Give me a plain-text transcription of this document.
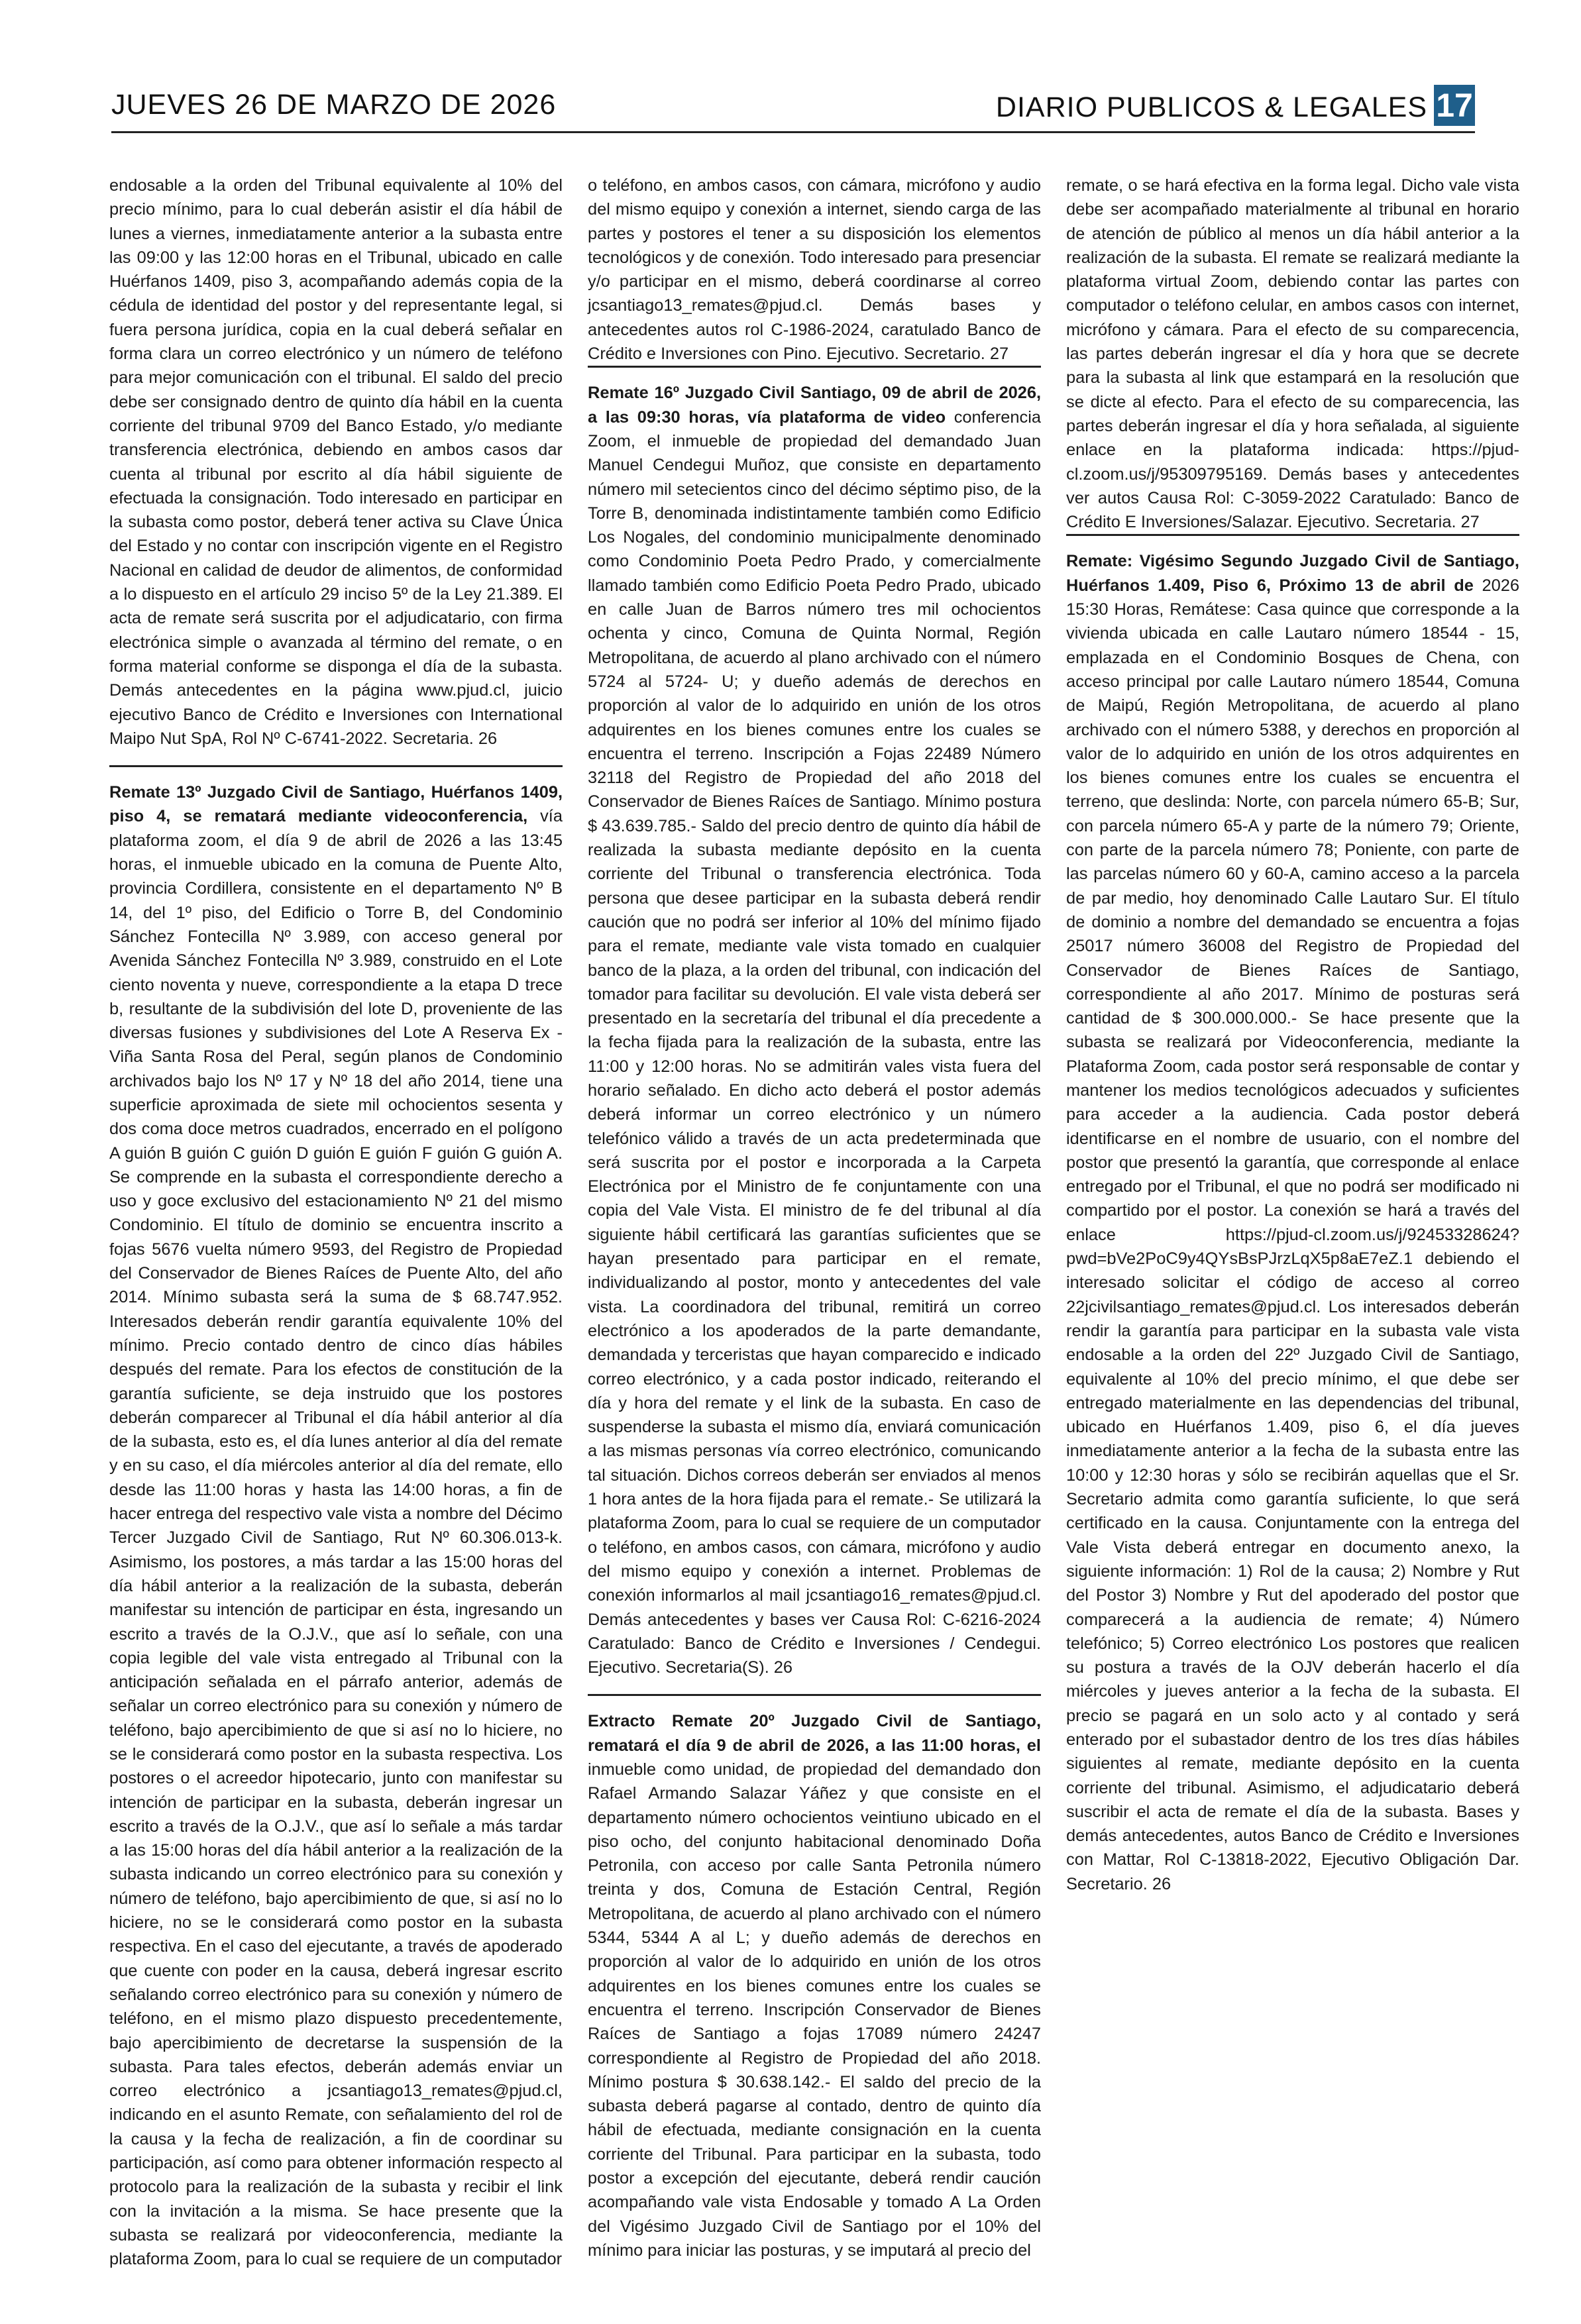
JUEVES 26 DE MARZO DE 2026	DIARIO PUBLICOS & LEGALES 17

endosable a la orden del Tribunal equivalente al 10% del precio mínimo, para lo cual deberán asistir el día hábil de lunes a viernes, inmediatamente anterior a la subasta entre las 09:00 y las 12:00 horas en el Tribunal, ubicado en calle Huérfanos 1409, piso 3, acompañando además copia de la cédula de identidad del postor y del representante legal, si fuera persona jurídica, copia en la cual deberá señalar en forma clara un correo electrónico y un número de teléfono para mejor comunicación con el tribunal. El saldo del precio debe ser consignado dentro de quinto día hábil en la cuenta corriente del tribunal 9709 del Banco Estado, y/o mediante transferencia electrónica, debiendo en ambos casos dar cuenta al tribunal por escrito al día hábil siguiente de efectuada la consignación. Todo interesado en participar en la subasta como postor, deberá tener activa su Clave Única del Estado y no contar con inscripción vigente en el Registro Nacional en calidad de deudor de alimentos, de conformidad a lo dispuesto en el artículo 29 inciso 5º de la Ley 21.389. El acta de remate será suscrita por el adjudicatario, con firma electrónica simple o avanzada al término del remate, o en forma material conforme se disponga el día de la subasta. Demás antecedentes en la página www.pjud.cl, juicio ejecutivo Banco de Crédito e Inversiones con International Maipo Nut SpA, Rol Nº C-6741-2022. Secretaria. 26

Remate 13º Juzgado Civil de Santiago, Huérfanos 1409, piso 4, se rematará mediante videoconferencia, vía plataforma zoom, el día 9 de abril de 2026 a las 13:45 horas, el inmueble ubicado en la comuna de Puente Alto, provincia Cordillera, consistente en el departamento Nº B 14, del 1º piso, del Edificio o Torre B, del Condominio Sánchez Fontecilla Nº 3.989, con acceso general por Avenida Sánchez Fontecilla Nº 3.989, construido en el Lote ciento noventa y nueve, correspondiente a la etapa D trece b, resultante de la subdivisión del lote D, proveniente de las diversas fusiones y subdivisiones del Lote A Reserva Ex - Viña Santa Rosa del Peral, según planos de Condominio archivados bajo los Nº 17 y Nº 18 del año 2014, tiene una superficie aproximada de siete mil ochocientos sesenta y dos coma doce metros cuadrados, encerrado en el polígono A guión B guión C guión D guión E guión F guión G guión A. Se comprende en la subasta el correspondiente derecho a uso y goce exclusivo del estacionamiento Nº 21 del mismo Condominio. El título de dominio se encuentra inscrito a fojas 5676 vuelta número 9593, del Registro de Propiedad del Conservador de Bienes Raíces de Puente Alto, del año 2014. Mínimo subasta será la suma de $ 68.747.952. Interesados deberán rendir garantía equivalente 10% del mínimo. Precio contado dentro de cinco días hábiles después del remate. Para los efectos de constitución de la garantía suficiente, se deja instruido que los postores deberán comparecer al Tribunal el día hábil anterior al día de la subasta, esto es, el día lunes anterior al día del remate y en su caso, el día miércoles anterior al día del remate, ello desde las 11:00 horas y hasta las 14:00 horas, a fin de hacer entrega del respectivo vale vista a nombre del Décimo Tercer Juzgado Civil de Santiago, Rut Nº 60.306.013-k. Asimismo, los postores, a más tardar a las 15:00 horas del día hábil anterior a la realización de la subasta, deberán manifestar su intención de participar en ésta, ingresando un escrito a través de la O.J.V., que así lo señale, con una copia legible del vale vista entregado al Tribunal con la anticipación señalada en el párrafo anterior, además de señalar un correo electrónico para su conexión y número de teléfono, bajo apercibimiento de que si así no lo hiciere, no se le considerará como postor en la subasta respectiva. Los postores o el acreedor hipotecario, junto con manifestar su intención de participar en la subasta, deberán ingresar un escrito a través de la O.J.V., que así lo señale a más tardar a las 15:00 horas del día hábil anterior a la realización de la subasta indicando un correo electrónico para su conexión y número de teléfono, bajo apercibimiento de que, si así no lo hiciere, no se le considerará como postor en la subasta respectiva. En el caso del ejecutante, a través de apoderado que cuente con poder en la causa, deberá ingresar escrito señalando correo electrónico para su conexión y número de teléfono, en el mismo plazo dispuesto precedentemente, bajo apercibimiento de decretarse la suspensión de la subasta. Para tales efectos, deberán además enviar un correo electrónico a jcsantiago13_remates@pjud.cl, indicando en el asunto Remate, con señalamiento del rol de la causa y la fecha de realización, a fin de coordinar su participación, así como para obtener información respecto al protocolo para la realización de la subasta y recibir el link con la invitación a la misma. Se hace presente que la subasta se realizará por videoconferencia, mediante la plataforma Zoom, para lo cual se requiere de un computador

o teléfono, en ambos casos, con cámara, micrófono y audio del mismo equipo y conexión a internet, siendo carga de las partes y postores el tener a su disposición los elementos tecnológicos y de conexión. Todo interesado para presenciar y/o participar en el mismo, deberá coordinarse al correo jcsantiago13_remates@pjud.cl. Demás bases y antecedentes autos rol C-1986-2024, caratulado Banco de Crédito e Inversiones con Pino. Ejecutivo. Secretario. 27

Remate 16º Juzgado Civil Santiago, 09 de abril de 2026, a las 09:30 horas, vía plataforma de video conferencia Zoom, el inmueble de propiedad del demandado Juan Manuel Cendegui Muñoz, que consiste en departamento número mil setecientos cinco del décimo séptimo piso, de la Torre B, denominada indistintamente también como Edificio Los Nogales, del condominio municipalmente denominado como Condominio Poeta Pedro Prado, y comercialmente llamado también como Edificio Poeta Pedro Prado, ubicado en calle Juan de Barros número tres mil ochocientos ochenta y cinco, Comuna de Quinta Normal, Región Metropolitana, de acuerdo al plano archivado con el número 5724 al 5724- U; y dueño además de derechos en proporción al valor de lo adquirido en unión de los otros adquirentes en los bienes comunes entre los cuales se encuentra el terreno. Inscripción a Fojas 22489 Número 32118 del Registro de Propiedad del año 2018 del Conservador de Bienes Raíces de Santiago. Mínimo postura $ 43.639.785.- Saldo del precio dentro de quinto día hábil de realizada la subasta mediante depósito en la cuenta corriente del Tribunal o transferencia electrónica. Toda persona que desee participar en la subasta deberá rendir caución que no podrá ser inferior al 10% del mínimo fijado para el remate, mediante vale vista tomado en cualquier banco de la plaza, a la orden del tribunal, con indicación del tomador para facilitar su devolución. El vale vista deberá ser presentado en la secretaría del tribunal el día precedente a la fecha fijada para la realización de la subasta, entre las 11:00 y 12:00 horas. No se admitirán vales vista fuera del horario señalado. En dicho acto deberá el postor además deberá informar un correo electrónico y un número telefónico válido a través de un acta predeterminada que será suscrita por el postor e incorporada a la Carpeta Electrónica por el Ministro de fe conjuntamente con una copia del Vale Vista. El ministro de fe del tribunal al día siguiente hábil certificará las garantías suficientes que se hayan presentado para participar en el remate, individualizando al postor, monto y antecedentes del vale vista. La coordinadora del tribunal, remitirá un correo electrónico a los apoderados de la parte demandante, demandada y terceristas que hayan comparecido e indicado correo electrónico, y a cada postor indicado, reiterando el día y hora del remate y el link de la subasta. En caso de suspenderse la subasta el mismo día, enviará comunicación a las mismas personas vía correo electrónico, comunicando tal situación. Dichos correos deberán ser enviados al menos 1 hora antes de la hora fijada para el remate.- Se utilizará la plataforma Zoom, para lo cual se requiere de un computador o teléfono, en ambos casos, con cámara, micrófono y audio del mismo equipo y conexión a internet. Problemas de conexión informarlos al mail jcsantiago16_remates@pjud.cl. Demás antecedentes y bases ver Causa Rol: C-6216-2024 Caratulado: Banco de Crédito e Inversiones / Cendegui. Ejecutivo. Secretaria(S). 26

Extracto Remate 20º Juzgado Civil de Santiago, rematará el día 9 de abril de 2026, a las 11:00 horas, el inmueble como unidad, de propiedad del demandado don Rafael Armando Salazar Yáñez y que consiste en el departamento número ochocientos veintiuno ubicado en el piso ocho, del conjunto habitacional denominado Doña Petronila, con acceso por calle Santa Petronila número treinta y dos, Comuna de Estación Central, Región Metropolitana, de acuerdo al plano archivado con el número 5344, 5344 A al L; y dueño además de derechos en proporción al valor de lo adquirido en unión de los otros adquirentes en los bienes comunes entre los cuales se encuentra el terreno. Inscripción Conservador de Bienes Raíces de Santiago a fojas 17089 número 24247 correspondiente al Registro de Propiedad del año 2018. Mínimo postura $ 30.638.142.- El saldo del precio de la subasta deberá pagarse al contado, dentro de quinto día hábil de efectuada, mediante consignación en la cuenta corriente del Tribunal. Para participar en la subasta, todo postor a excepción del ejecutante, deberá rendir caución acompañando vale vista Endosable y tomado A La Orden del Vigésimo Juzgado Civil de Santiago por el 10% del mínimo para iniciar las posturas, y se imputará al precio del

remate, o se hará efectiva en la forma legal. Dicho vale vista debe ser acompañado materialmente al tribunal en horario de atención de público al menos un día hábil anterior a la realización de la subasta. El remate se realizará mediante la plataforma virtual Zoom, debiendo contar las partes con computador o teléfono celular, en ambos casos con internet, micrófono y cámara. Para el efecto de su comparecencia, las partes deberán ingresar el día y hora que se decrete para la subasta al link que estampará en la resolución que se dicte al efecto. Para el efecto de su comparecencia, las partes deberán ingresar el día y hora señalada, al siguiente enlace en la plataforma indicada: https://pjud-cl.zoom.us/j/95309795169. Demás bases y antecedentes ver autos Causa Rol: C-3059-2022 Caratulado: Banco de Crédito E Inversiones/Salazar. Ejecutivo. Secretaria. 27

Remate: Vigésimo Segundo Juzgado Civil de Santiago, Huérfanos 1.409, Piso 6, Próximo 13 de abril de 2026 15:30 Horas, Remátese: Casa quince que corresponde a la vivienda ubicada en calle Lautaro número 18544 - 15, emplazada en el Condominio Bosques de Chena, con acceso principal por calle Lautaro número 18544, Comuna de Maipú, Región Metropolitana, de acuerdo al plano archivado con el número 5388, y derechos en proporción al valor de lo adquirido en unión de los otros adquirentes en los bienes comunes entre los cuales se encuentra el terreno, que deslinda: Norte, con parcela número 65-B; Sur, con parcela número 65-A y parte de la número 79; Oriente, con parte de la parcela número 78; Poniente, con parte de las parcelas número 60 y 60-A, camino acceso a la parcela de par medio, hoy denominado Calle Lautaro Sur. El título de dominio a nombre del demandado se encuentra a fojas 25017 número 36008 del Registro de Propiedad del Conservador de Bienes Raíces de Santiago, correspondiente al año 2017. Mínimo de posturas será cantidad de $ 300.000.000.- Se hace presente que la subasta se realizará por Videoconferencia, mediante la Plataforma Zoom, cada postor será responsable de contar y mantener los medios tecnológicos adecuados y suficientes para acceder a la audiencia. Cada postor deberá identificarse en el nombre de usuario, con el nombre del postor que presentó la garantía, que corresponde al enlace entregado por el Tribunal, el que no podrá ser modificado ni compartido por el postor. La conexión se hará a través del enlace https://pjud-cl.zoom.us/j/92453328624?pwd=bVe2PoC9y4QYsBsPJrzLqX5p8aE7eZ.1 debiendo el interesado solicitar el código de acceso al correo 22jcivilsantiago_remates@pjud.cl. Los interesados deberán rendir la garantía para participar en la subasta vale vista endosable a la orden del 22º Juzgado Civil de Santiago, equivalente al 10% del precio mínimo, el que debe ser entregado materialmente en las dependencias del tribunal, ubicado en Huérfanos 1.409, piso 6, el día jueves inmediatamente anterior a la fecha de la subasta entre las 10:00 y 12:30 horas y sólo se recibirán aquellas que el Sr. Secretario admita como garantía suficiente, lo que será certificado en la causa. Conjuntamente con la entrega del Vale Vista deberá entregar en documento anexo, la siguiente información: 1) Rol de la causa; 2) Nombre y Rut del Postor 3) Nombre y Rut del apoderado del postor que comparecerá a la audiencia de remate; 4) Número telefónico; 5) Correo electrónico Los postores que realicen su postura a través de la OJV deberán hacerlo el día miércoles y jueves anterior a la fecha de la subasta. El precio se pagará en un solo acto y al contado y será enterado por el subastador dentro de los tres días hábiles siguientes al remate, mediante depósito en la cuenta corriente del tribunal. Asimismo, el adjudicatario deberá suscribir el acta de remate el día de la subasta. Bases y demás antecedentes, autos Banco de Crédito e Inversiones con Mattar, Rol C-13818-2022, Ejecutivo Obligación Dar. Secretario. 26
